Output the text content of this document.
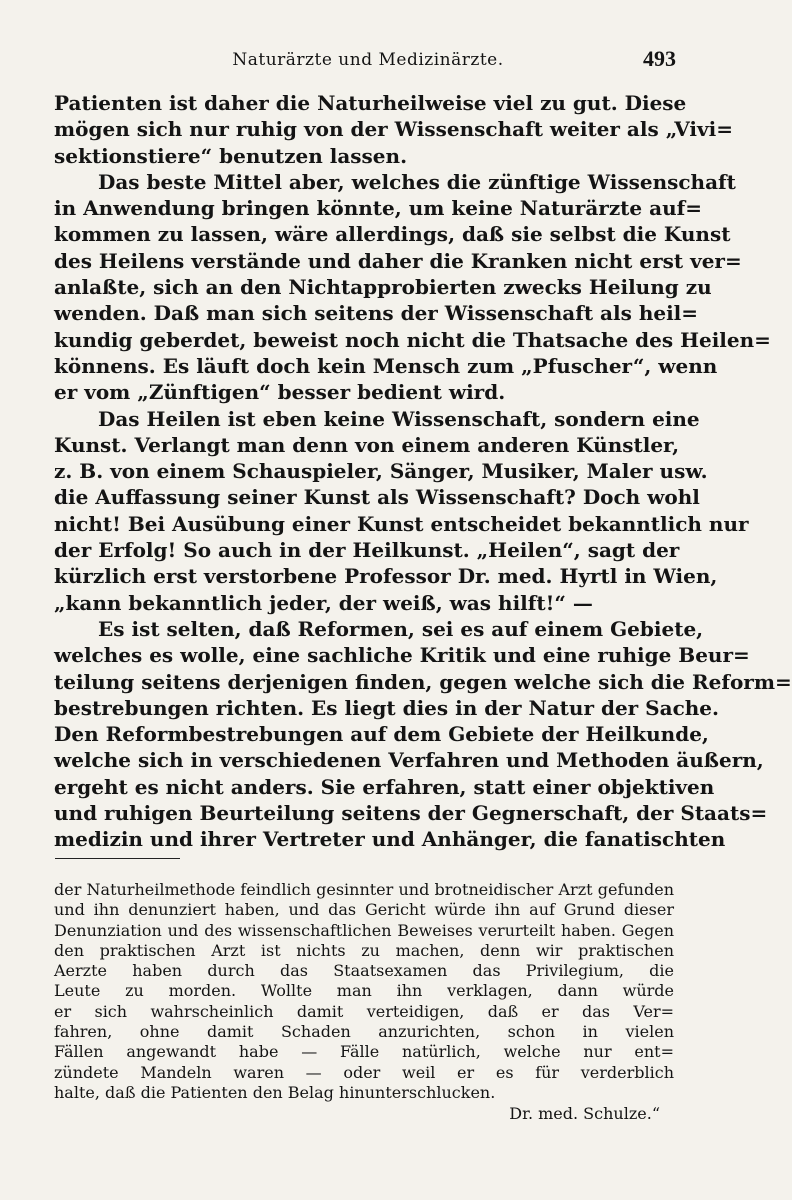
Naturärzte und Medizinärzte.	493
Patienten ist daher die Naturheilweise viel zu gut. Diese
mögen sich nur ruhig von der Wissenschaft weiter als „Vivi=
sektionstiere“ benutzen lassen.
Das beste Mittel aber, welches die zünftige Wissenschaft
in Anwendung bringen könnte, um keine Naturärzte auf=
kommen zu lassen, wäre allerdings, daß sie selbst die Kunst
des Heilens verstände und daher die Kranken nicht erst ver=
anlaßte, sich an den Nichtapprobierten zwecks Heilung zu
wenden. Daß man sich seitens der Wissenschaft als heil=
kundig geberdet, beweist noch nicht die Thatsache des Heilen=
könnens. Es läuft doch kein Mensch zum „Pfuscher“, wenn
er vom „Zünftigen“ besser bedient wird.
Das Heilen ist eben keine Wissenschaft, sondern eine
Kunst. Verlangt man denn von einem anderen Künstler,
z. B. von einem Schauspieler, Sänger, Musiker, Maler usw.
die Auffassung seiner Kunst als Wissenschaft? Doch wohl
nicht! Bei Ausübung einer Kunst entscheidet bekanntlich nur
der Erfolg! So auch in der Heilkunst. „Heilen“, sagt der
kürzlich erst verstorbene Professor Dr. med. Hyrtl in Wien,
„kann bekanntlich jeder, der weiß, was hilft!“ —
Es ist selten, daß Reformen, sei es auf einem Gebiete,
welches es wolle, eine sachliche Kritik und eine ruhige Beur=
teilung seitens derjenigen finden, gegen welche sich die Reform=
bestrebungen richten. Es liegt dies in der Natur der Sache.
Den Reformbestrebungen auf dem Gebiete der Heilkunde,
welche sich in verschiedenen Verfahren und Methoden äußern,
ergeht es nicht anders. Sie erfahren, statt einer objektiven
und ruhigen Beurteilung seitens der Gegnerschaft, der Staats=
medizin und ihrer Vertreter und Anhänger, die fanatischten
der Naturheilmethode feindlich gesinnter und brotneidischer Arzt gefunden
und ihn denunziert haben, und das Gericht würde ihn auf Grund dieser
Denunziation und des wissenschaftlichen Beweises verurteilt haben. Gegen
den praktischen Arzt ist nichts zu machen, denn wir praktischen
Aerzte haben durch das Staatsexamen das Privilegium, die
Leute zu morden. Wollte man ihn verklagen, dann würde
er sich wahrscheinlich damit verteidigen, daß er das Ver=
fahren, ohne damit Schaden anzurichten, schon in vielen
Fällen angewandt habe — Fälle natürlich, welche nur ent=
zündete Mandeln waren — oder weil er es für verderblich
halte, daß die Patienten den Belag hinunterschlucken.
Dr. med. Schulze.“
